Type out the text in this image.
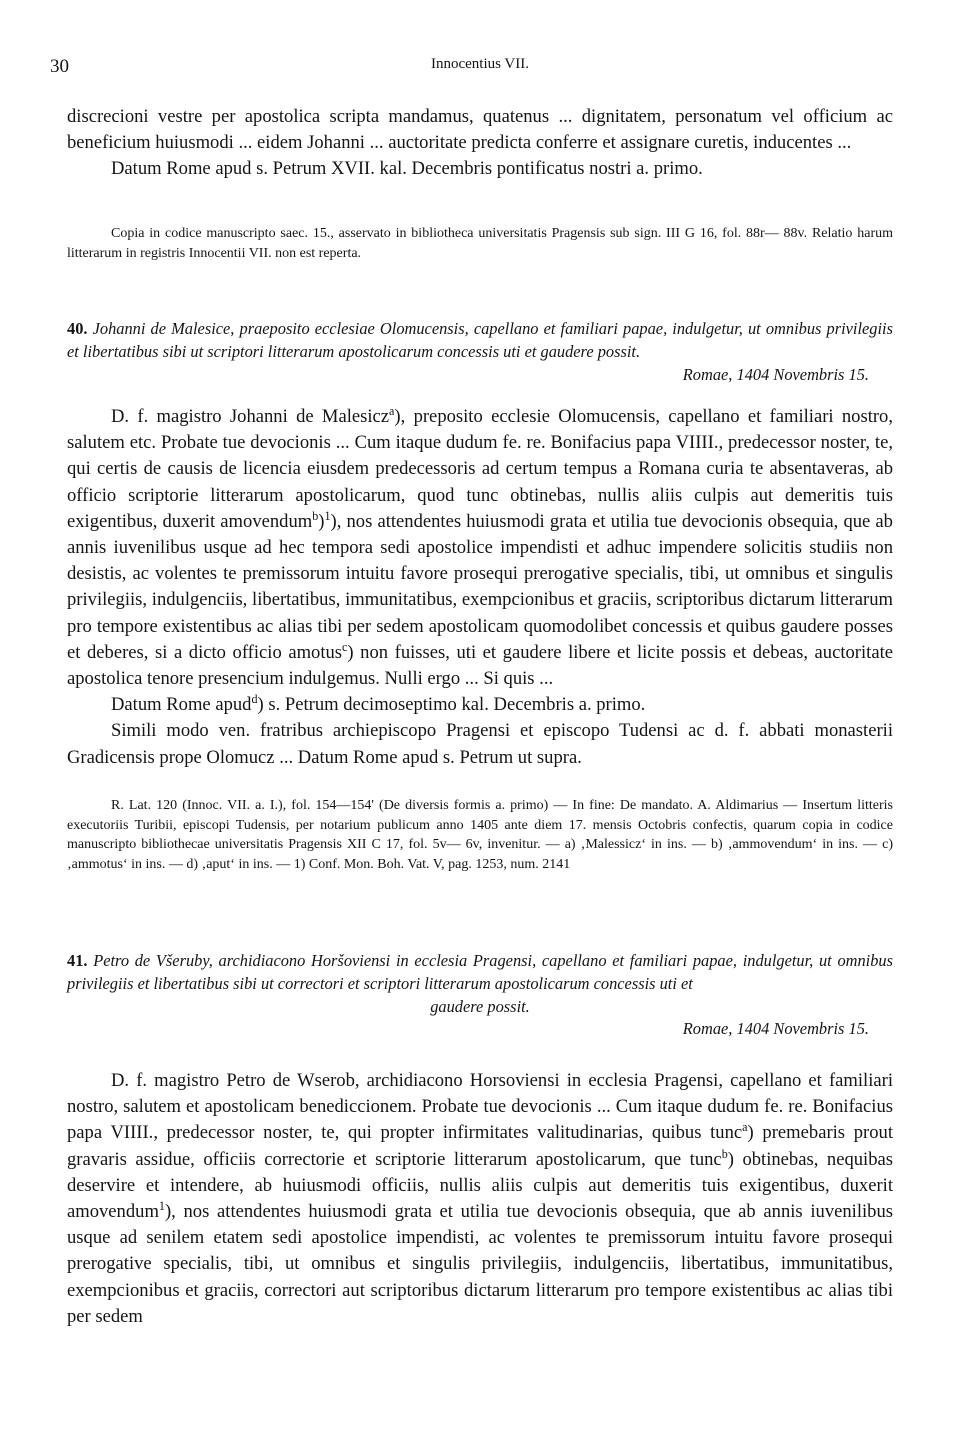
30	Innocentius VII.

discrecioni vestre per apostolica scripta mandamus, quatenus ... dignitatem, personatum vel officium ac beneficium huiusmodi ... eidem Johanni ... auctoritate predicta conferre et assignare curetis, inducentes ...

Datum Rome apud s. Petrum XVII. kal. Decembris pontificatus nostri a. primo.

Copia in codice manuscripto saec. 15., asservato in bibliotheca universitatis Pragensis sub sign. III G 16, fol. 88r— 88v. Relatio harum litterarum in registris Innocentii VII. non est reperta.

40. Johanni de Malesice, praeposito ecclesiae Olomucensis, capellano et familiari papae, indulgetur, ut omnibus privilegiis et libertatibus sibi ut scriptori litterarum apostolicarum concessis uti et gaudere possit.

Romae, 1404 Novembris 15.

D. f. magistro Johanni de Malesicz$^a$), preposito ecclesie Olomucensis, capellano et familiari nostro, salutem etc. Probate tue devocionis ... Cum itaque dudum fe. re. Bonifacius papa VIIII., predecessor noster, te, qui certis de causis de licencia eiusdem predecessoris ad certum tempus a Romana curia te absentaveras, ab officio scriptorie litterarum apostolicarum, quod tunc obtinebas, nullis aliis culpis aut demeritis tuis exigentibus, duxerit amovendum$^b$)$^1$), nos attendentes huiusmodi grata et utilia tue devocionis obsequia, que ab annis iuvenilibus usque ad hec tempora sedi apostolice impendisti et adhuc impendere solicitis studiis non desistis, ac volentes te premissorum intuitu favore prosequi prerogative specialis, tibi, ut omnibus et singulis privilegiis, indulgenciis, libertatibus, immunitatibus, exempcionibus et graciis, scriptoribus dictarum litterarum pro tempore existentibus ac alias tibi per sedem apostolicam quomodolibet concessis et quibus gaudere posses et deberes, si a dicto officio amotus$^c$) non fuisses, uti et gaudere libere et licite possis et debeas, auctoritate apostolica tenore presencium indulgemus. Nulli ergo ... Si quis ...

Datum Rome apud$^d$) s. Petrum decimoseptimo kal. Decembris a. primo.

Simili modo ven. fratribus archiepiscopo Pragensi et episcopo Tudensi ac d. f. abbati monasterii Gradicensis prope Olomucz ... Datum Rome apud s. Petrum ut supra.

R. Lat. 120 (Innoc. VII. a. I.), fol. 154—154' (De diversis formis a. primo) — In fine: De mandato. A. Aldimarius — Insertum litteris executoriis Turibii, episcopi Tudensis, per notarium publicum anno 1405 ante diem 17. mensis Octobris confectis, quarum copia in codice manuscripto bibliothecae universitatis Pragensis XII C 17, fol. 5v— 6v, invenitur. — a) ‚Malessicz‘ in ins. — b) ‚ammovendum‘ in ins. — c) ‚ammotus‘ in ins. — d) ‚aput‘ in ins. — 1) Conf. Mon. Boh. Vat. V, pag. 1253, num. 2141

41. Petro de Všeruby, archidiacono Horšoviensi in ecclesia Pragensi, capellano et familiari papae, indulgetur, ut omnibus privilegiis et libertatibus sibi ut correctori et scriptori litterarum apostolicarum concessis uti et

gaudere possit.

Romae, 1404 Novembris 15.

D. f. magistro Petro de Wserob, archidiacono Horsoviensi in ecclesia Pragensi, capellano et familiari nostro, salutem et apostolicam benediccionem. Probate tue devocionis ... Cum itaque dudum fe. re. Bonifacius papa VIIII., predecessor noster, te, qui propter infirmitates valitudinarias, quibus tunc$^a$) premebaris prout gravaris assidue, officiis correctorie et scriptorie litterarum apostolicarum, que tunc$^b$) obtinebas, nequibas deservire et intendere, ab huiusmodi officiis, nullis aliis culpis aut demeritis tuis exigentibus, duxerit amovendum$^1$), nos attendentes huiusmodi grata et utilia tue devocionis obsequia, que ab annis iuvenilibus usque ad senilem etatem sedi apostolice impendisti, ac volentes te premissorum intuitu favore prosequi prerogative specialis, tibi, ut omnibus et singulis privilegiis, indulgenciis, libertatibus, immunitatibus, exempcionibus et graciis, correctori aut scriptoribus dictarum litterarum pro tempore existentibus ac alias tibi per sedem
